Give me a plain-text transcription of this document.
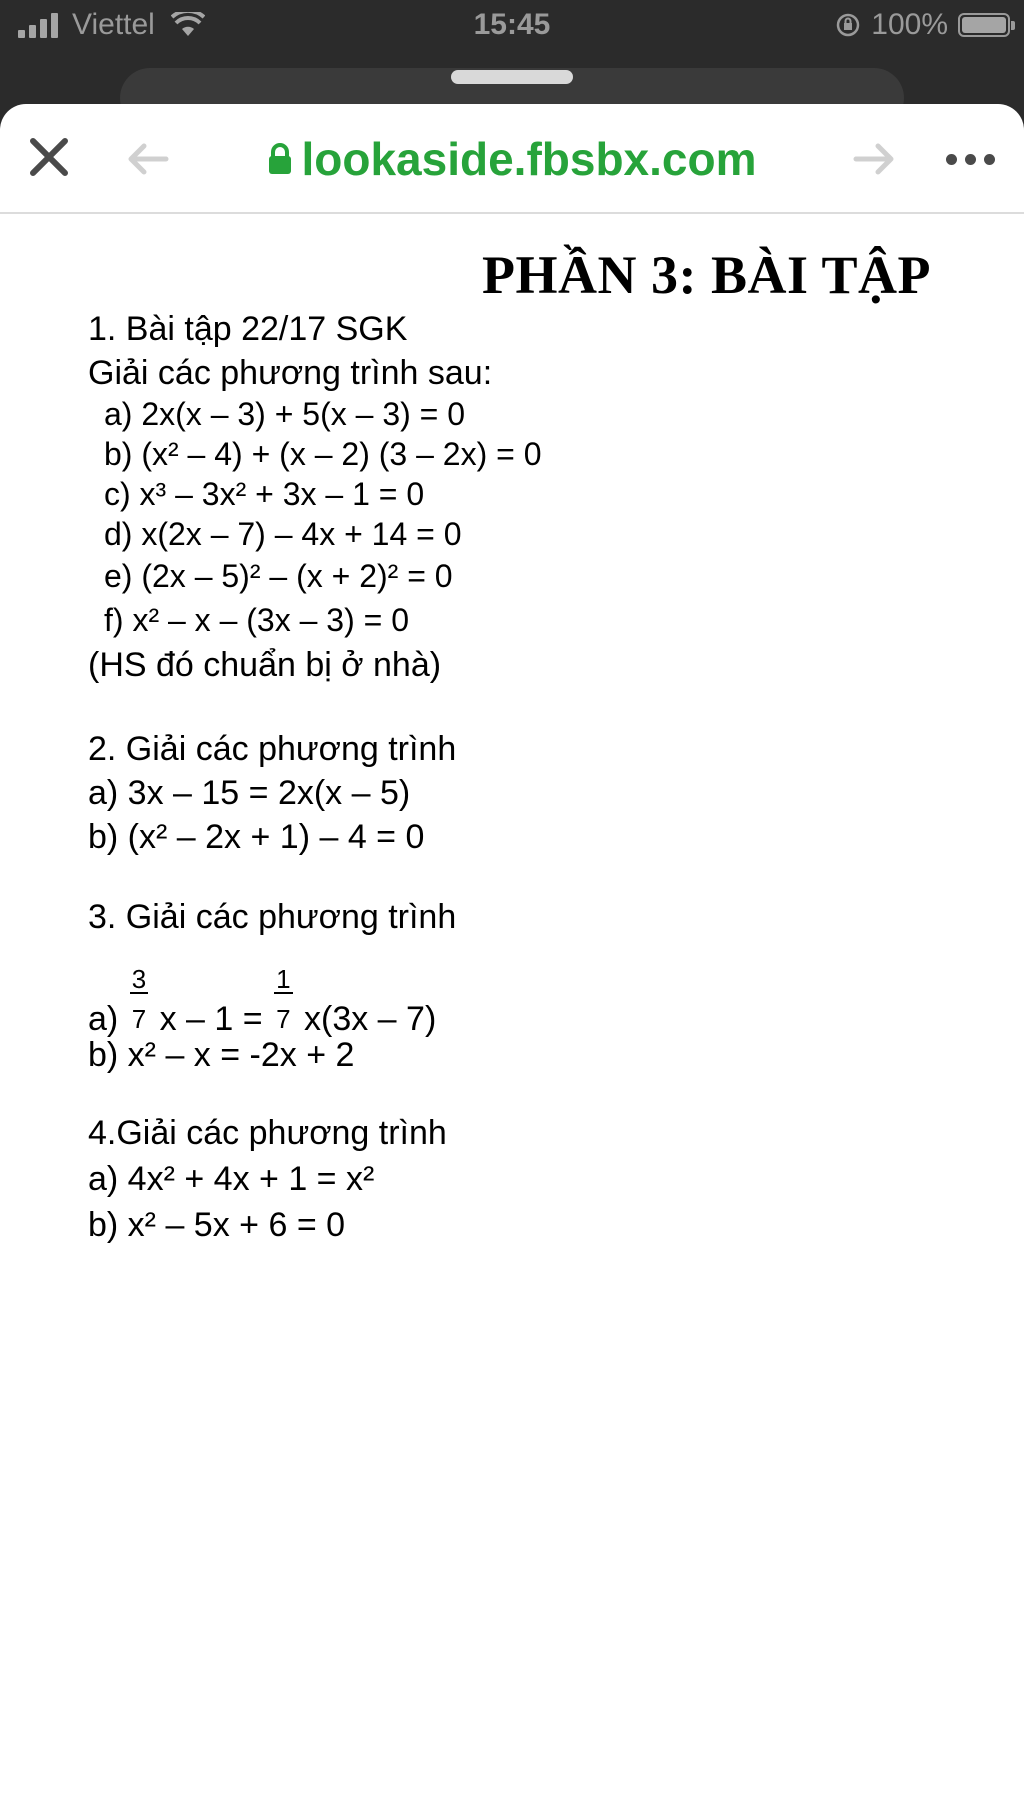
Viettel	15:45	100%
lookaside.fbsbx.com
PHẦN 3: BÀI TẬP
1. Bài tập 22/17 SGK
Giải các phương trình sau:
a) 2x(x – 3) + 5(x – 3) = 0
b) (x² – 4) + (x – 2) (3 – 2x) = 0
c) x³ – 3x² + 3x – 1 = 0
d) x(2x – 7) – 4x + 14 = 0
e) (2x – 5)² – (x + 2)² = 0
f) x² – x – (3x – 3) = 0
(HS đó chuẩn bị ở nhà)
2. Giải các phương trình
a) 3x – 15 = 2x(x – 5)
b) (x² – 2x + 1) – 4 = 0
3. Giải các phương trình
$a) \frac{3}{7}$ $x - 1 = \frac{1}{7} x(3x - 7)$
b) x² – x = -2x + 2
4.Giải các phương trình
a) 4x² + 4x + 1 = x²
b) x² – 5x + 6 = 0
